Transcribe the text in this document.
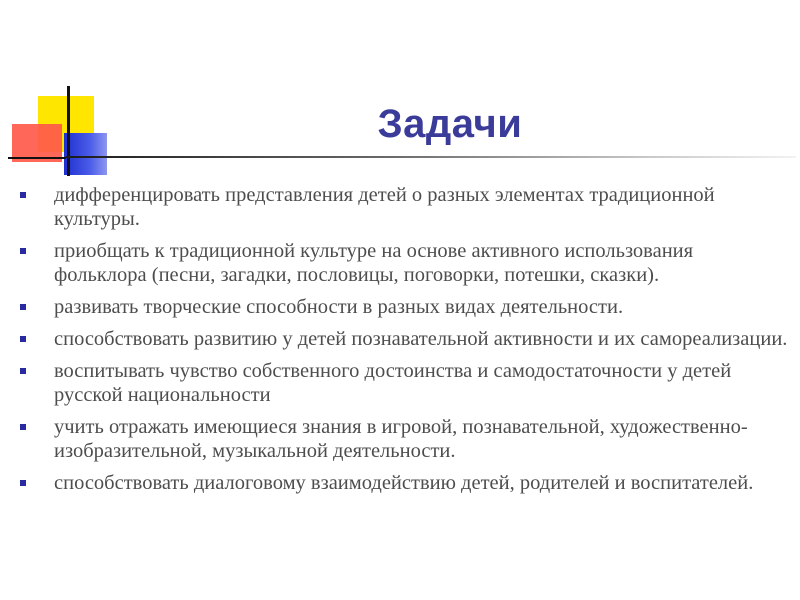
Задачи
дифференцировать представления детей о разных элементах традиционной культуры.
приобщать к традиционной культуре на основе активного использования фольклора (песни, загадки, пословицы, поговорки, потешки, сказки).
развивать творческие способности в разных видах деятельности.
способствовать развитию у детей познавательной активности и их самореализации.
воспитывать чувство собственного достоинства и самодостаточности у детей русской национальности
учить отражать имеющиеся знания в игровой, познавательной, художественно-изобразительной, музыкальной деятельности.
способствовать диалоговому взаимодействию детей, родителей и воспитателей.
